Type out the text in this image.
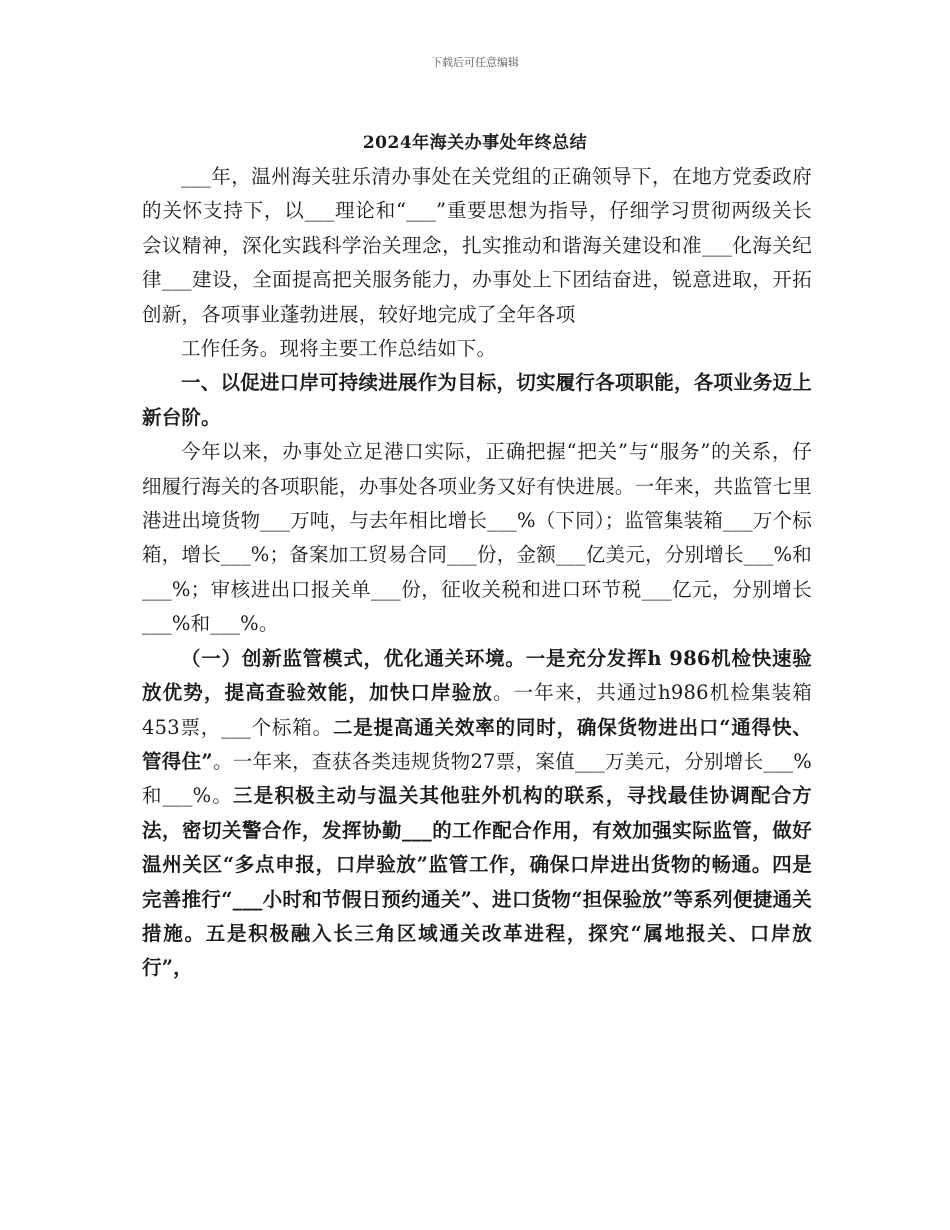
下载后可任意编辑
2024年海关办事处年终总结

___年，温州海关驻乐清办事处在关党组的正确领导下，在地方党委政府的关怀支持下，以___理论和“___”重要思想为指导，仔细学习贯彻两级关长会议精神，深化实践科学治关理念，扎实推动和谐海关建设和准___化海关纪律___建设，全面提高把关服务能力，办事处上下团结奋进，锐意进取，开拓创新，各项事业蓬勃进展，较好地完成了全年各项

工作任务。现将主要工作总结如下。

一、以促进口岸可持续进展作为目标，切实履行各项职能，各项业务迈上新台阶。

今年以来，办事处立足港口实际，正确把握“把关”与“服务”的关系，仔细履行海关的各项职能，办事处各项业务又好有快进展。一年来，共监管七里港进出境货物___万吨，与去年相比增长___%（下同）；监管集装箱___万个标箱，增长___%；备案加工贸易合同___份，金额___亿美元，分别增长___%和___%；审核进出口报关单___份，征收关税和进口环节税___亿元，分别增长___%和___%。

（一）创新监管模式，优化通关环境。一是充分发挥h 986机检快速验放优势，提高查验效能，加快口岸验放。一年来，共通过h986机检集装箱453票，___个标箱。二是提高通关效率的同时，确保货物进出口“通得快、管得住”。一年来，查获各类违规货物27票，案值___万美元，分别增长___%和___%。三是积极主动与温关其他驻外机构的联系，寻找最佳协调配合方法，密切关警合作，发挥协勤___的工作配合作用，有效加强实际监管，做好温州关区“多点申报，口岸验放”监管工作，确保口岸进出货物的畅通。四是完善推行“___小时和节假日预约通关”、进口货物“担保验放”等系列便捷通关措施。五是积极融入长三角区域通关改革进程，探究“属地报关、口岸放行”，
